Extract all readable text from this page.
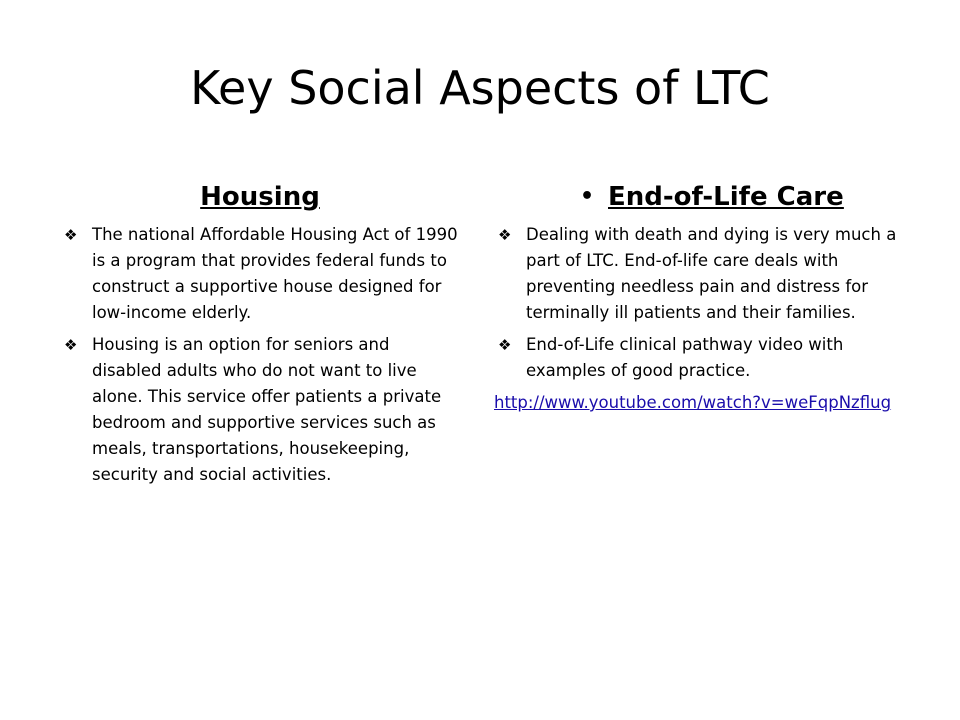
Key Social Aspects of LTC
Housing
❖ The national Affordable Housing Act of 1990 is a program that provides federal funds to construct a supportive house designed for low-income elderly.
❖ Housing is an option for seniors and disabled adults who do not want to live alone. This service offer patients a private bedroom and supportive services such as meals, transportations, housekeeping, security and social activities.
• End-of-Life Care
❖ Dealing with death and dying is very much a part of LTC. End-of-life care deals with preventing needless pain and distress for terminally ill patients and their families.
❖ End-of-Life clinical pathway video with examples of good practice.
http://www.youtube.com/watch?v=weFqpNzflug
